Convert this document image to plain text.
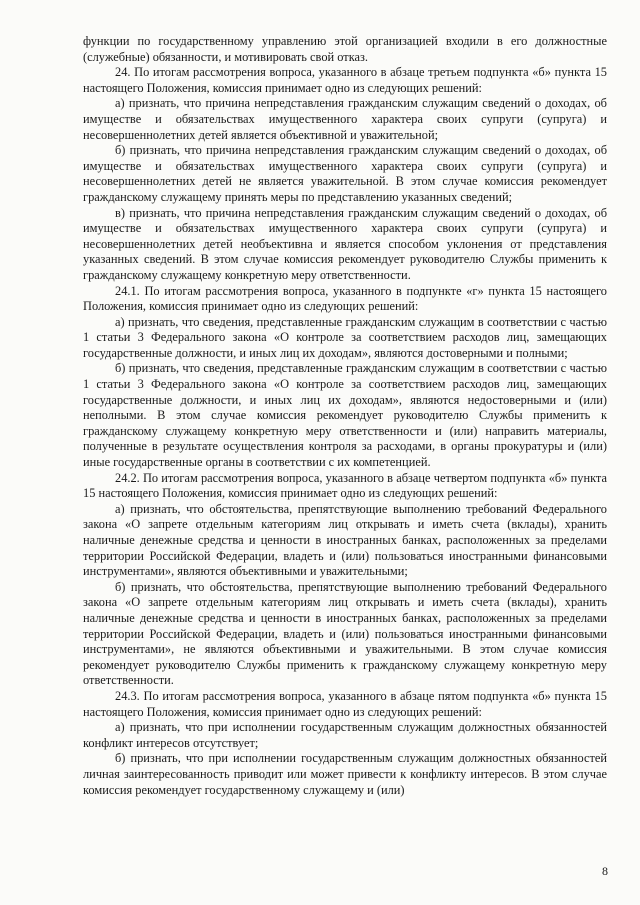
функции по государственному управлению этой организацией входили в его должностные (служебные) обязанности, и мотивировать свой отказ.

24. По итогам рассмотрения вопроса, указанного в абзаце третьем подпункта «б» пункта 15 настоящего Положения, комиссия принимает одно из следующих решений:

а) признать, что причина непредставления гражданским служащим сведений о доходах, об имуществе и обязательствах имущественного характера своих супруги (супруга) и несовершеннолетних детей является объективной и уважительной;

б) признать, что причина непредставления гражданским служащим сведений о доходах, об имуществе и обязательствах имущественного характера своих супруги (супруга) и несовершеннолетних детей не является уважительной. В этом случае комиссия рекомендует гражданскому служащему принять меры по представлению указанных сведений;

в) признать, что причина непредставления гражданским служащим сведений о доходах, об имуществе и обязательствах имущественного характера своих супруги (супруга) и несовершеннолетних детей необъективна и является способом уклонения от представления указанных сведений. В этом случае комиссия рекомендует руководителю Службы применить к гражданскому служащему конкретную меру ответственности.

24.1. По итогам рассмотрения вопроса, указанного в подпункте «г» пункта 15 настоящего Положения, комиссия принимает одно из следующих решений:

а) признать, что сведения, представленные гражданским служащим в соответствии с частью 1 статьи 3 Федерального закона «О контроле за соответствием расходов лиц, замещающих государственные должности, и иных лиц их доходам», являются достоверными и полными;

б) признать, что сведения, представленные гражданским служащим в соответствии с частью 1 статьи 3 Федерального закона «О контроле за соответствием расходов лиц, замещающих государственные должности, и иных лиц их доходам», являются недостоверными и (или) неполными. В этом случае комиссия рекомендует руководителю Службы применить к гражданскому служащему конкретную меру ответственности и (или) направить материалы, полученные в результате осуществления контроля за расходами, в органы прокуратуры и (или) иные государственные органы в соответствии с их компетенцией.

24.2. По итогам рассмотрения вопроса, указанного в абзаце четвертом подпункта «б» пункта 15 настоящего Положения, комиссия принимает одно из следующих решений:

а) признать, что обстоятельства, препятствующие выполнению требований Федерального закона «О запрете отдельным категориям лиц открывать и иметь счета (вклады), хранить наличные денежные средства и ценности в иностранных банках, расположенных за пределами территории Российской Федерации, владеть и (или) пользоваться иностранными финансовыми инструментами», являются объективными и уважительными;

б) признать, что обстоятельства, препятствующие выполнению требований Федерального закона «О запрете отдельным категориям лиц открывать и иметь счета (вклады), хранить наличные денежные средства и ценности в иностранных банках, расположенных за пределами территории Российской Федерации, владеть и (или) пользоваться иностранными финансовыми инструментами», не являются объективными и уважительными. В этом случае комиссия рекомендует руководителю Службы применить к гражданскому служащему конкретную меру ответственности.

24.3. По итогам рассмотрения вопроса, указанного в абзаце пятом подпункта «б» пункта 15 настоящего Положения, комиссия принимает одно из следующих решений:

а) признать, что при исполнении государственным служащим должностных обязанностей конфликт интересов отсутствует;

б) признать, что при исполнении государственным служащим должностных обязанностей личная заинтересованность приводит или может привести к конфликту интересов. В этом случае комиссия рекомендует государственному служащему и (или)

8
